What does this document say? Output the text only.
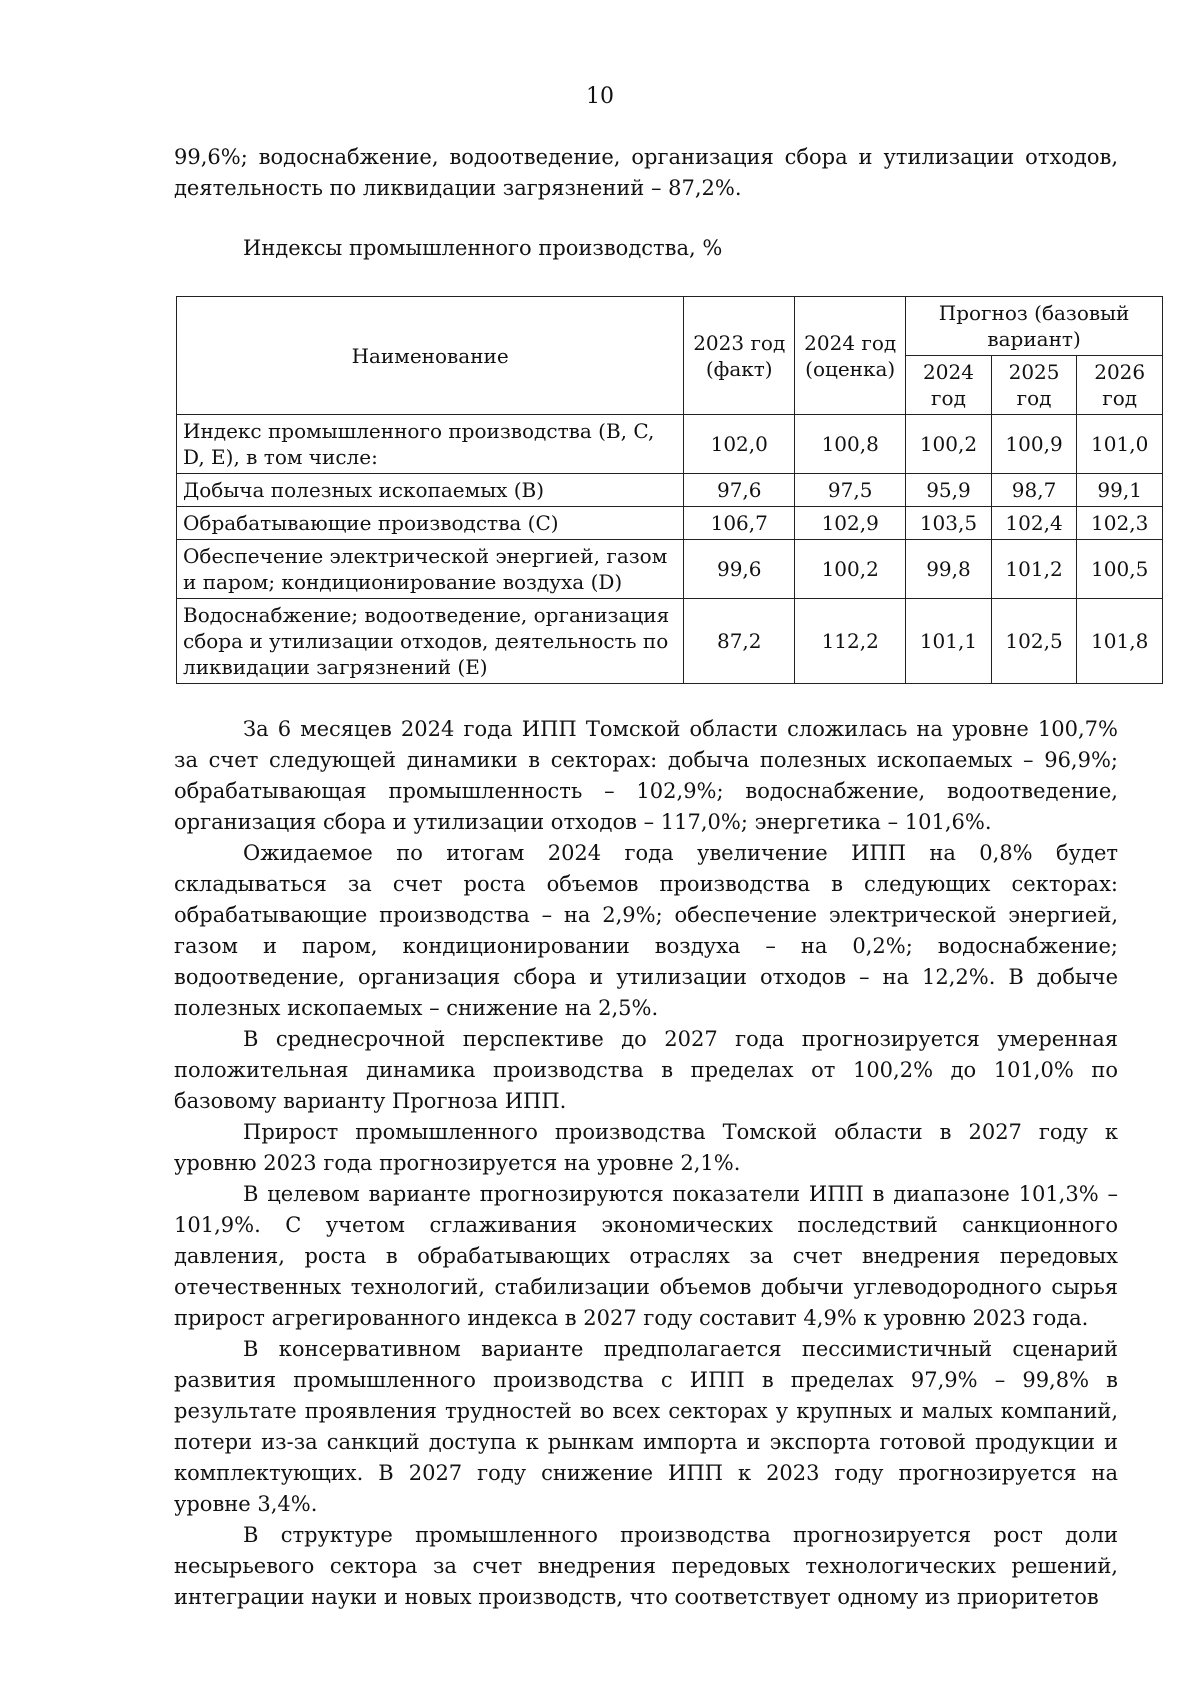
10

99,6%; водоснабжение, водоотведение, организация сбора и утилизации отходов, деятельность по ликвидации загрязнений – 87,2%.

Индексы промышленного производства, %
Наименование	2023 год (факт)	2024 год (оценка)	Прогноз (базовый вариант)		
			2024 год	2025 год	2026 год
Индекс промышленного производства (B, C, D, E), в том числе:	102,0	100,8	100,2	100,9	101,0
Добыча полезных ископаемых (B)	97,6	97,5	95,9	98,7	99,1
Обрабатывающие производства (C)	106,7	102,9	103,5	102,4	102,3
Обеспечение электрической энергией, газом и паром; кондиционирование воздуха (D)	99,6	100,2	99,8	101,2	100,5
Водоснабжение; водоотведение, организация сбора и утилизации отходов, деятельность по ликвидации загрязнений (E)	87,2	112,2	101,1	102,5	101,8

За 6 месяцев 2024 года ИПП Томской области сложилась на уровне 100,7% за счет следующей динамики в секторах: добыча полезных ископаемых – 96,9%; обрабатывающая промышленность – 102,9%; водоснабжение, водоотведение, организация сбора и утилизации отходов – 117,0%; энергетика – 101,6%.

Ожидаемое по итогам 2024 года увеличение ИПП на 0,8% будет складываться за счет роста объемов производства в следующих секторах: обрабатывающие производства – на 2,9%; обеспечение электрической энергией, газом и паром, кондиционировании воздуха – на 0,2%; водоснабжение; водоотведение, организация сбора и утилизации отходов – на 12,2%. В добыче полезных ископаемых – снижение на 2,5%.

В среднесрочной перспективе до 2027 года прогнозируется умеренная положительная динамика производства в пределах от 100,2% до 101,0% по базовому варианту Прогноза ИПП.

Прирост промышленного производства Томской области в 2027 году к уровню 2023 года прогнозируется на уровне 2,1%.

В целевом варианте прогнозируются показатели ИПП в диапазоне 101,3% – 101,9%. С учетом сглаживания экономических последствий санкционного давления, роста в обрабатывающих отраслях за счет внедрения передовых отечественных технологий, стабилизации объемов добычи углеводородного сырья прирост агрегированного индекса в 2027 году составит 4,9% к уровню 2023 года.

В консервативном варианте предполагается пессимистичный сценарий развития промышленного производства с ИПП в пределах 97,9% – 99,8% в результате проявления трудностей во всех секторах у крупных и малых компаний, потери из-за санкций доступа к рынкам импорта и экспорта готовой продукции и комплектующих. В 2027 году снижение ИПП к 2023 году прогнозируется на уровне 3,4%.

В структуре промышленного производства прогнозируется рост доли несырьевого сектора за счет внедрения передовых технологических решений, интеграции науки и новых производств, что соответствует одному из приоритетов
